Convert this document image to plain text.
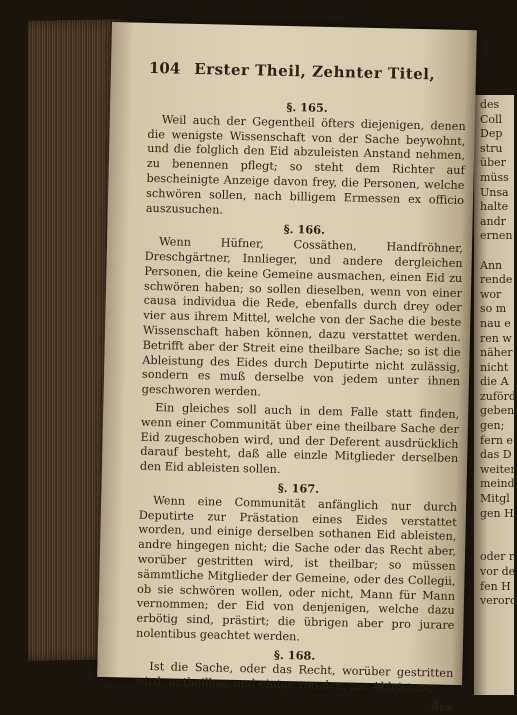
des
Coll
Dep
stru
über
müss
Unsa
halte
andr
ernen

Ann
rende
wor
so m
nau e
ren w
näher
nicht
die A
zuförd
geben
gen;
fern e
das D
weiter
meind
Mitgl
gen H

oder r
vor de
fen H
verord
104 Erster Theil, Zehnter Titel,
§. 165.

Weil auch der Gegentheil öfters diejenigen, denen die wenigste Wissenschaft von der Sache beywohnt, und die folglich den Eid abzuleisten Anstand nehmen, zu benennen pflegt; so steht dem Richter auf bescheinigte Anzeige davon frey, die Personen, welche schwören sollen, nach billigem Ermessen ex officio auszusuchen.

§. 166.

Wenn Hüfner, Cossäthen, Handfröhner, Dreschgärtner, Innlieger, und andere dergleichen Personen, die keine Gemeine ausmachen, einen Eid zu schwören haben; so sollen dieselben, wenn von einer causa individua die Rede, ebenfalls durch drey oder vier aus ihrem Mittel, welche von der Sache die beste Wissenschaft haben können, dazu verstattet werden. Betrifft aber der Streit eine theilbare Sache; so ist die Ableistung des Eides durch Deputirte nicht zulässig, sondern es muß derselbe von jedem unter ihnen geschworen werden.

Ein gleiches soll auch in dem Falle statt finden, wenn einer Communität über eine theilbare Sache der Eid zugeschoben wird, und der Deferent ausdrücklich darauf besteht, daß alle einzle Mitglieder derselben den Eid ableisten sollen.

§. 167.

Wenn eine Communität anfänglich nur durch Deputirte zur Prästation eines Eides verstattet worden, und einige derselben sothanen Eid ableisten, andre hingegen nicht; die Sache oder das Recht aber, worüber gestritten wird, ist theilbar; so müssen sämmtliche Mitglieder der Gemeine, oder des Collegii, ob sie schwören wollen, oder nicht, Mann für Mann vernommen; der Eid von denjenigen, welche dazu erbötig sind, prästirt; die übrigen aber pro jurare nolentibus geachtet werden.

§. 168.

Ist die Sache, oder das Recht, worüber gestritten wird, untheilbar, und einige von den, zur Ableistung

des
